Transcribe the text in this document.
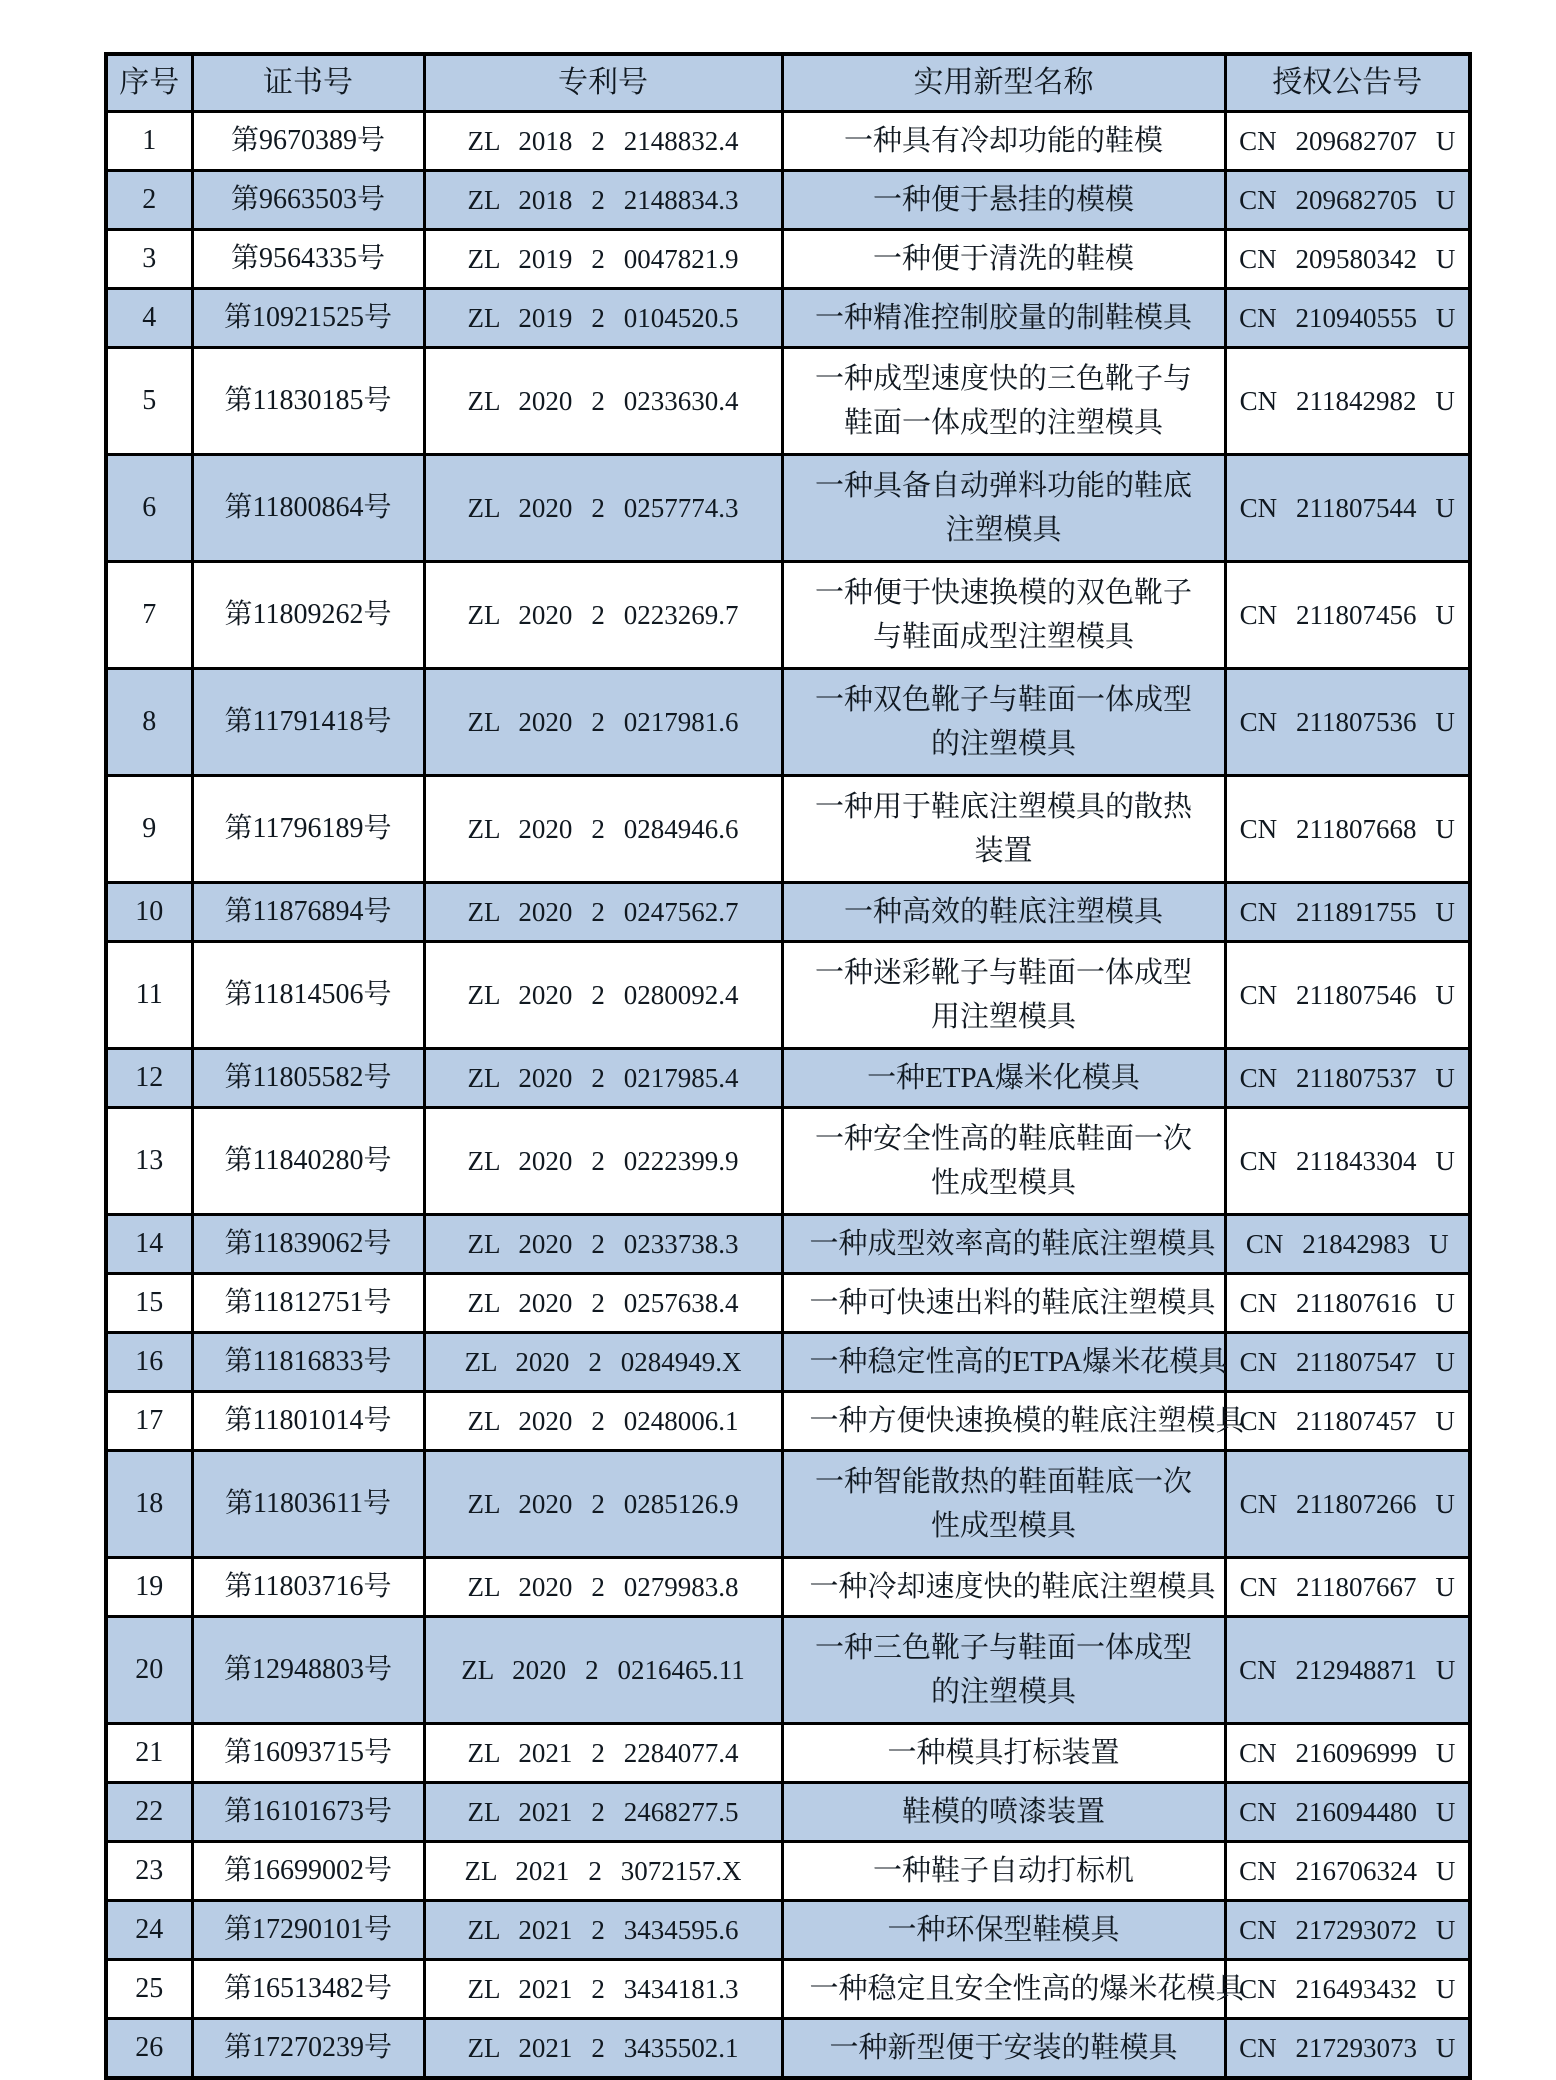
序号	证书号	专利号	实用新型名称	授权公告号
1	第9670389号	ZL 2018 2 2148832.4	一种具有冷却功能的鞋模	CN 209682707 U
2	第9663503号	ZL 2018 2 2148834.3	一种便于悬挂的模模	CN 209682705 U
3	第9564335号	ZL 2019 2 0047821.9	一种便于清洗的鞋模	CN 209580342 U
4	第10921525号	ZL 2019 2 0104520.5	一种精准控制胶量的制鞋模具	CN 210940555 U
5	第11830185号	ZL 2020 2 0233630.4	一种成型速度快的三色靴子与鞋面一体成型的注塑模具	CN 211842982 U
6	第11800864号	ZL 2020 2 0257774.3	一种具备自动弹料功能的鞋底注塑模具	CN 211807544 U
7	第11809262号	ZL 2020 2 0223269.7	一种便于快速换模的双色靴子与鞋面成型注塑模具	CN 211807456 U
8	第11791418号	ZL 2020 2 0217981.6	一种双色靴子与鞋面一体成型的注塑模具	CN 211807536 U
9	第11796189号	ZL 2020 2 0284946.6	一种用于鞋底注塑模具的散热装置	CN 211807668 U
10	第11876894号	ZL 2020 2 0247562.7	一种高效的鞋底注塑模具	CN 211891755 U
11	第11814506号	ZL 2020 2 0280092.4	一种迷彩靴子与鞋面一体成型用注塑模具	CN 211807546 U
12	第11805582号	ZL 2020 2 0217985.4	一种ETPA爆米化模具	CN 211807537 U
13	第11840280号	ZL 2020 2 0222399.9	一种安全性高的鞋底鞋面一次性成型模具	CN 211843304 U
14	第11839062号	ZL 2020 2 0233738.3	一种成型效率高的鞋底注塑模具	CN 21842983 U
15	第11812751号	ZL 2020 2 0257638.4	一种可快速出料的鞋底注塑模具	CN 211807616 U
16	第11816833号	ZL 2020 2 0284949.X	一种稳定性高的ETPA爆米花模具	CN 211807547 U
17	第11801014号	ZL 2020 2 0248006.1	一种方便快速换模的鞋底注塑模具	CN 211807457 U
18	第11803611号	ZL 2020 2 0285126.9	一种智能散热的鞋面鞋底一次性成型模具	CN 211807266 U
19	第11803716号	ZL 2020 2 0279983.8	一种冷却速度快的鞋底注塑模具	CN 211807667 U
20	第12948803号	ZL 2020 2 0216465.11	一种三色靴子与鞋面一体成型的注塑模具	CN 212948871 U
21	第16093715号	ZL 2021 2 2284077.4	一种模具打标装置	CN 216096999 U
22	第16101673号	ZL 2021 2 2468277.5	鞋模的喷漆装置	CN 216094480 U
23	第16699002号	ZL 2021 2 3072157.X	一种鞋子自动打标机	CN 216706324 U
24	第17290101号	ZL 2021 2 3434595.6	一种环保型鞋模具	CN 217293072 U
25	第16513482号	ZL 2021 2 3434181.3	一种稳定且安全性高的爆米花模具	CN 216493432 U
26	第17270239号	ZL 2021 2 3435502.1	一种新型便于安装的鞋模具	CN 217293073 U
